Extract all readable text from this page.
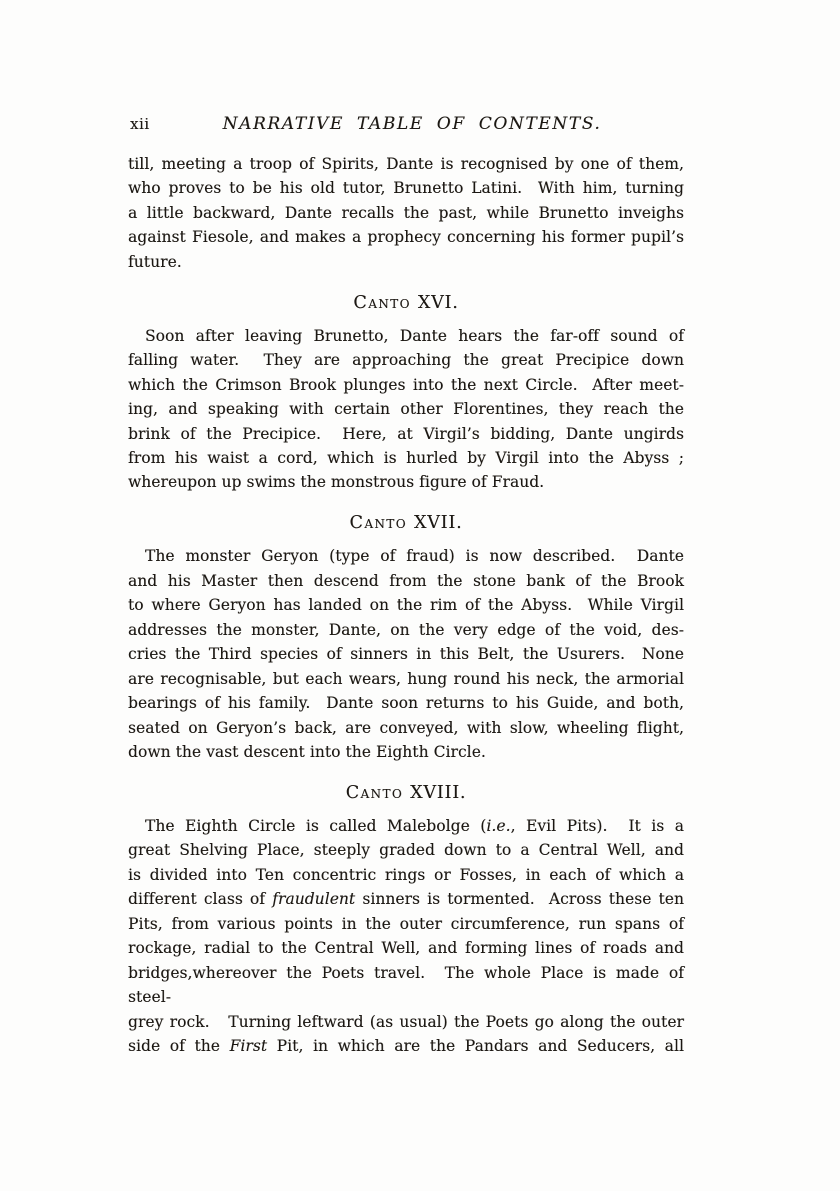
xii	NARRATIVE TABLE OF CONTENTS.
till, meeting a troop of Spirits, Dante is recognised by one of them,
who proves to be his old tutor, Brunetto Latini.  With him, turning
a little backward, Dante recalls the past, while Brunetto inveighs
against Fiesole, and makes a prophecy concerning his former pupil’s
future.
Canto XVI.
Soon after leaving Brunetto, Dante hears the far-off sound of
falling water.  They are approaching the great Precipice down
which the Crimson Brook plunges into the next Circle.  After meet-
ing, and speaking with certain other Florentines, they reach the
brink of the Precipice.  Here, at Virgil’s bidding, Dante ungirds
from his waist a cord, which is hurled by Virgil into the Abyss ;
whereupon up swims the monstrous figure of Fraud.
Canto XVII.
The monster Geryon (type of fraud) is now described.  Dante
and his Master then descend from the stone bank of the Brook
to where Geryon has landed on the rim of the Abyss.  While Virgil
addresses the monster, Dante, on the very edge of the void, des-
cries the Third species of sinners in this Belt, the Usurers.  None
are recognisable, but each wears, hung round his neck, the armorial
bearings of his family.  Dante soon returns to his Guide, and both,
seated on Geryon’s back, are conveyed, with slow, wheeling flight,
down the vast descent into the Eighth Circle.
Canto XVIII.
The Eighth Circle is called Malebolge (i.e., Evil Pits).  It is a
great Shelving Place, steeply graded down to a Central Well, and
is divided into Ten concentric rings or Fosses, in each of which a
different class of fraudulent sinners is tormented.  Across these ten
Pits, from various points in the outer circumference, run spans of
rockage, radial to the Central Well, and forming lines of roads and
bridges,whereover the Poets travel.  The whole Place is made of steel-
grey rock.   Turning leftward (as usual) the Poets go along the outer
side of the First Pit, in which are the Pandars and Seducers, all
